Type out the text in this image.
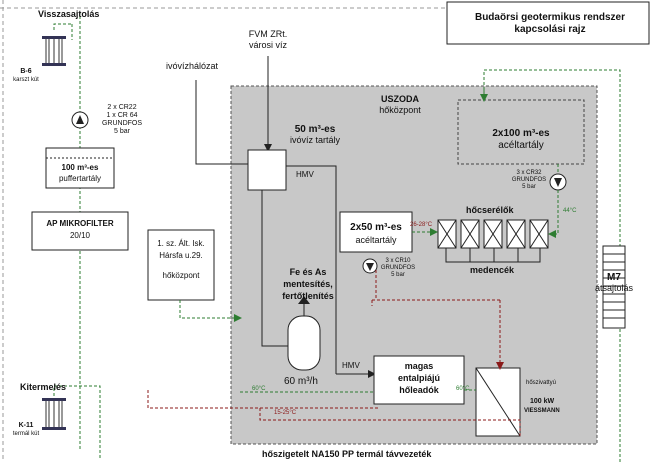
Budaörsi geotermikus rendszer
kapcsolási rajz
Visszasajtolás
B-6
karszt kút
2 x CR22
1 x CR 64
GRUNDFOS
5 bar
100 m³-es
puffertartály
AP MIKROFILTER
20/10
Kitermelés
K-11
termál kút
FVM ZRt.
városi víz
ivóvízhálózat
USZODA
hőközpont
50 m³-es
ivóvíz tartály
HMV
2x100 m³-es
acéltartály
3 x CR32
GRUNDFOS
5 bar
44°C
hőcserélők
2x50 m³-es
acéltartály
26-28°C
3 x CR10
GRUNDFOS
5 bar	medencék
1. sz. Ált. Isk.
Hársfa u.29.
hőközpont	Fe és As
mentesítés,
fertőtlenítés
60 m³/h
HMV	magas
entalpiájú
hőleadók
hőszivattyú
100 kW
VIESSMANN
60°C	60°C
15-25°C
M7
átsajtolás
hőszigetelt NA150 PP termál távvezeték
